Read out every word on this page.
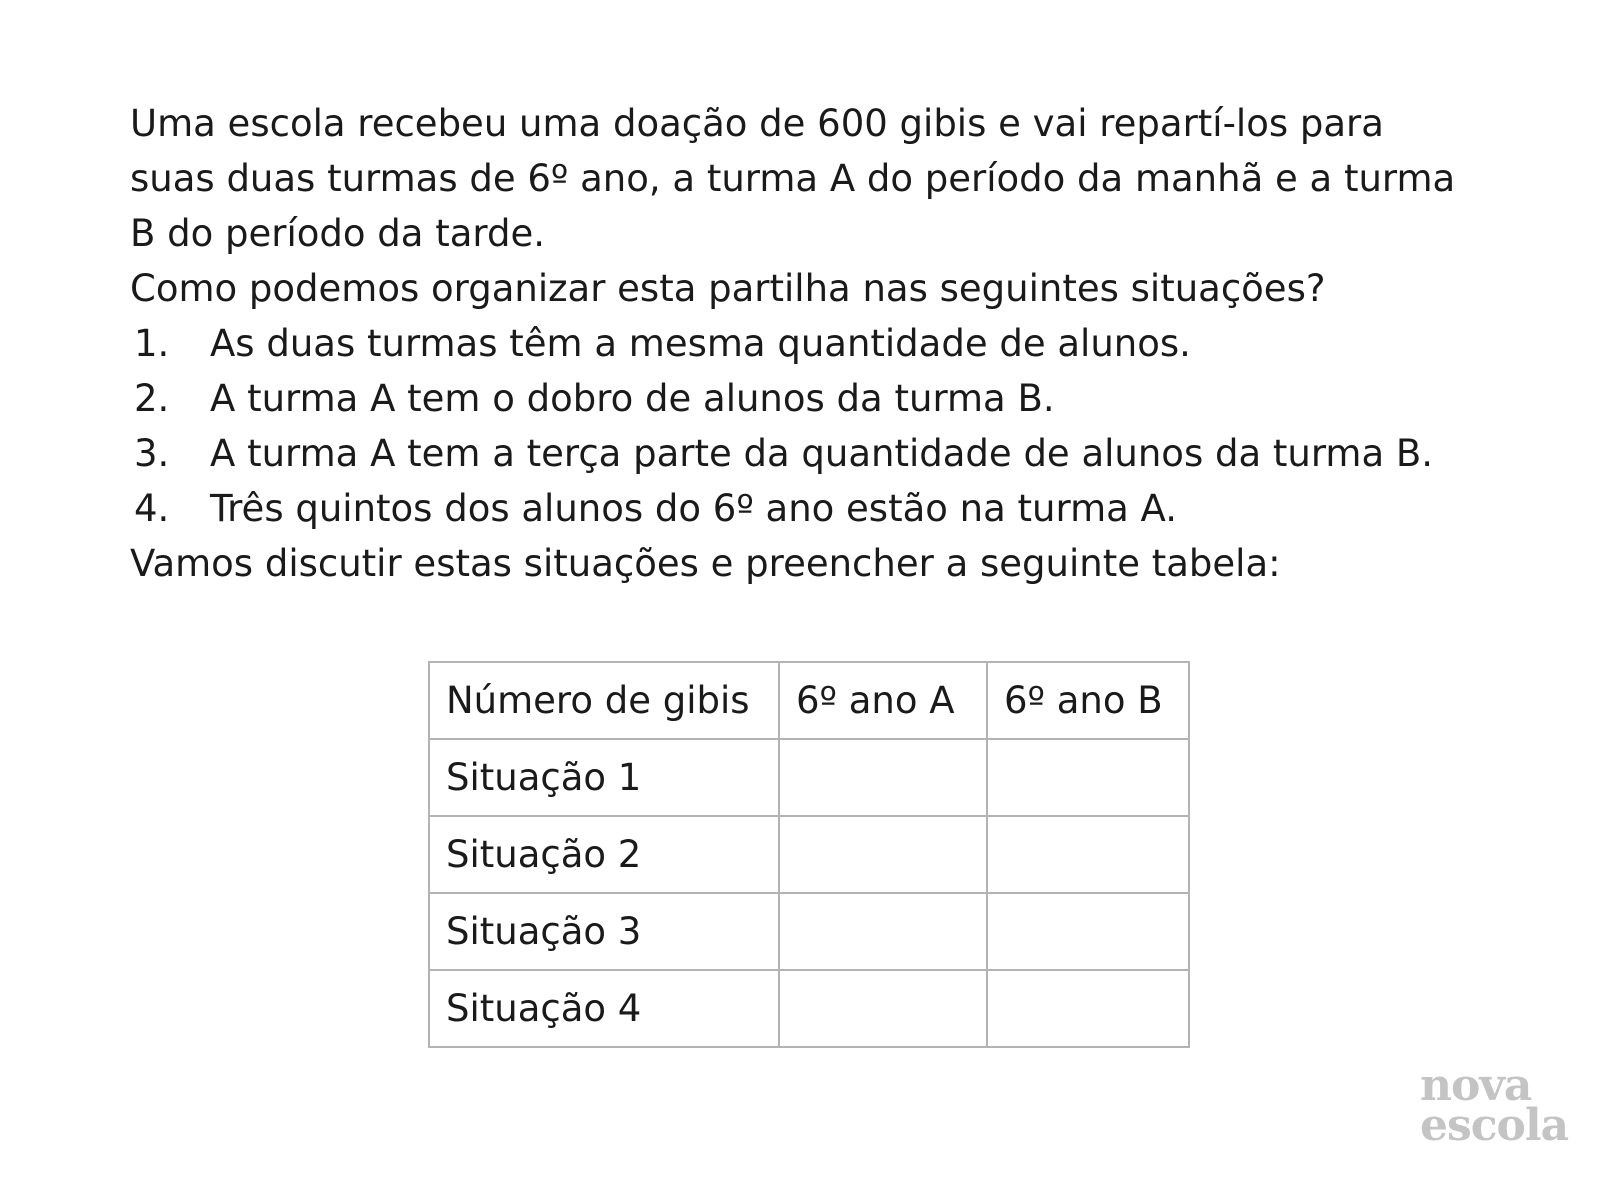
Uma escola recebeu uma doação de 600 gibis e vai repartí-los para suas duas turmas de 6º ano, a turma A do período da manhã e a turma B do período da tarde.

Como podemos organizar esta partilha nas seguintes situações?

1. As duas turmas têm a mesma quantidade de alunos.
2. A turma A tem o dobro de alunos da turma B.
3. A turma A tem a terça parte da quantidade de alunos da turma B.
4. Três quintos dos alunos do 6º ano estão na turma A.

Vamos discutir estas situações e preencher a seguinte tabela:

Número de gibis	6º ano A	6º ano B
Situação 1		
Situação 2		
Situação 3		
Situação 4		
nova
escola
